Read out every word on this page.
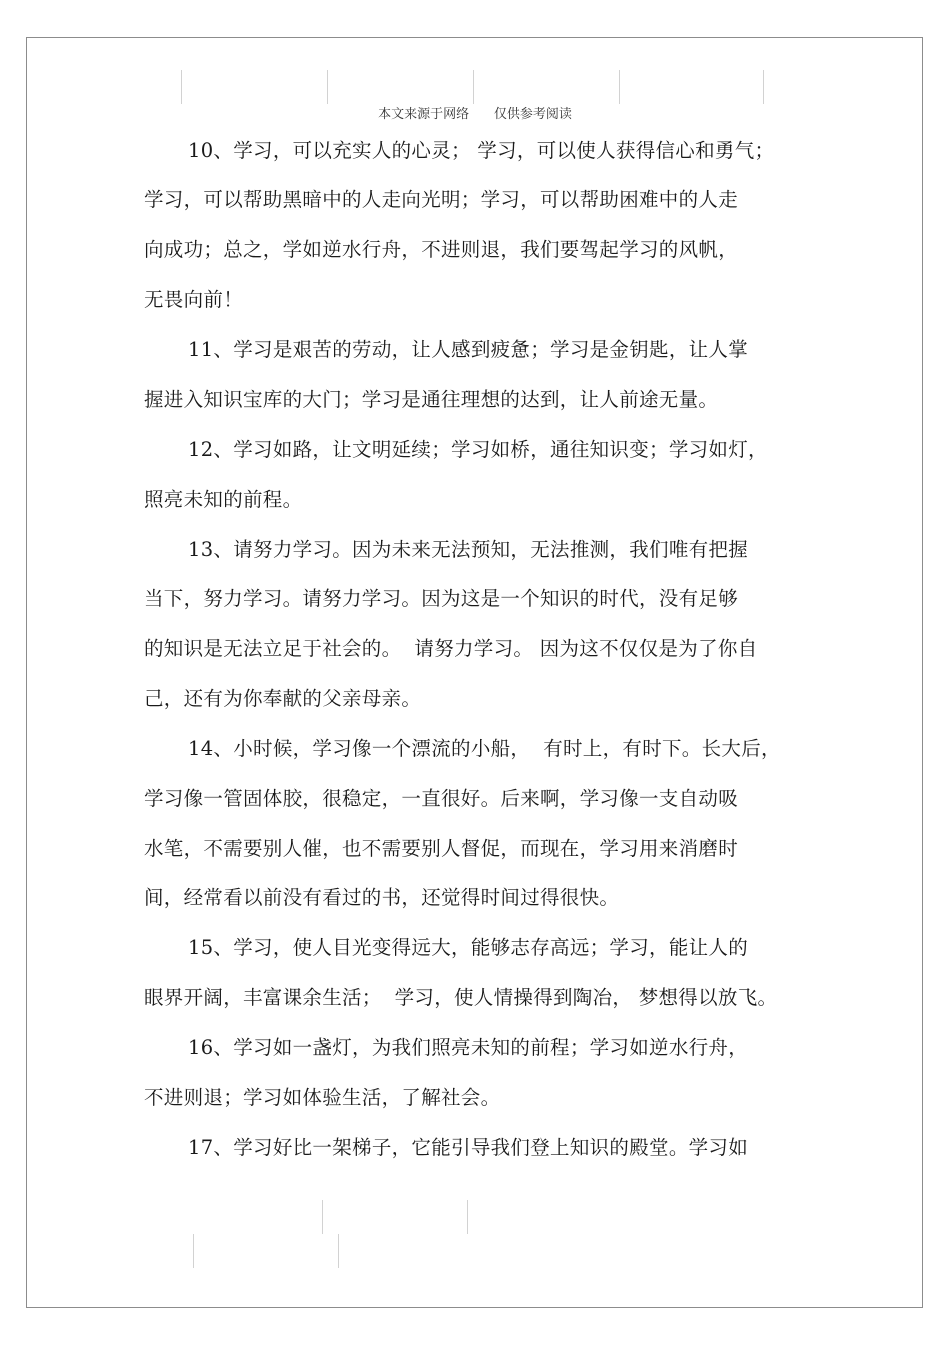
本文来源于网络      仅供参考阅读
10、学习，可以充实人的心灵； 学习，可以使人获得信心和勇气；
学习，可以帮助黑暗中的人走向光明；学习，可以帮助困难中的人走
向成功；总之，学如逆水行舟，不进则退，我们要驾起学习的风帆，
无畏向前！
11、学习是艰苦的劳动，让人感到疲惫；学习是金钥匙，让人掌
握进入知识宝库的大门；学习是通往理想的达到，让人前途无量。
12、学习如路，让文明延续；学习如桥，通往知识变；学习如灯，
照亮未知的前程。
13、请努力学习。因为未来无法预知，无法推测，我们唯有把握
当下，努力学习。请努力学习。因为这是一个知识的时代，没有足够
的知识是无法立足于社会的。  请努力学习。 因为这不仅仅是为了你自
己，还有为你奉献的父亲母亲。
14、小时候，学习像一个漂流的小船，  有时上，有时下。长大后，
学习像一管固体胶，很稳定，一直很好。后来啊，学习像一支自动吸
水笔，不需要别人催，也不需要别人督促，而现在，学习用来消磨时
间，经常看以前没有看过的书，还觉得时间过得很快。
15、学习，使人目光变得远大，能够志存高远；学习，能让人的
眼界开阔，丰富课余生活；  学习，使人情操得到陶冶， 梦想得以放飞。
16、学习如一盏灯，为我们照亮未知的前程；学习如逆水行舟，
不进则退；学习如体验生活，了解社会。
17、学习好比一架梯子，它能引导我们登上知识的殿堂。学习如
